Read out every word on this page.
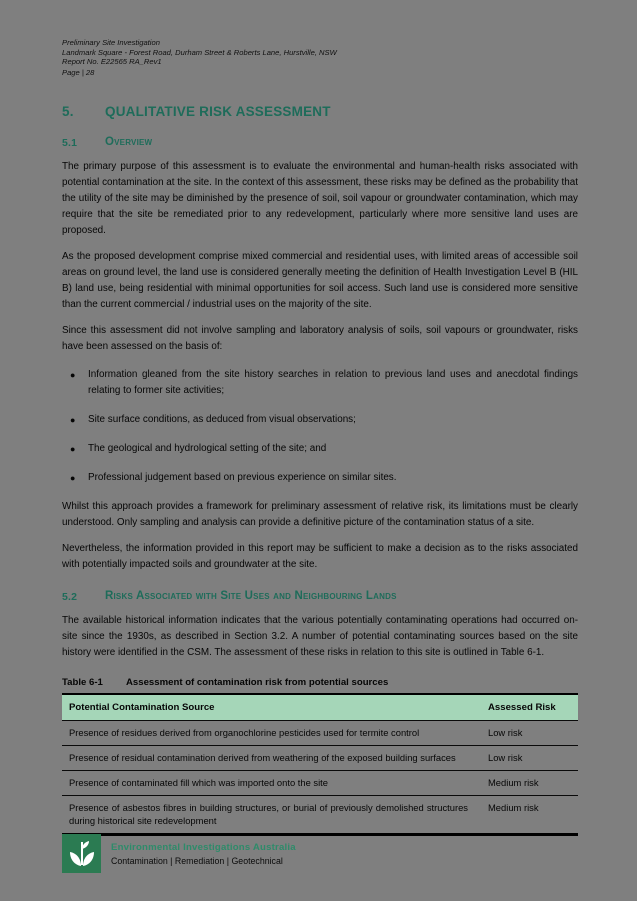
Preliminary Site Investigation
Landmark Square - Forest Road, Durham Street & Roberts Lane, Hurstville, NSW
Report No. E22565 RA_Rev1
Page | 28
5.	QUALITATIVE RISK ASSESSMENT
5.1	Overview

The primary purpose of this assessment is to evaluate the environmental and human-health risks associated with potential contamination at the site. In the context of this assessment, these risks may be defined as the probability that the utility of the site may be diminished by the presence of soil, soil vapour or groundwater contamination, which may require that the site be remediated prior to any redevelopment, particularly where more sensitive land uses are proposed.

As the proposed development comprise mixed commercial and residential uses, with limited areas of accessible soil areas on ground level, the land use is considered generally meeting the definition of Health Investigation Level B (HIL B) land use, being residential with minimal opportunities for soil access. Such land use is considered more sensitive than the current commercial / industrial uses on the majority of the site.

Since this assessment did not involve sampling and laboratory analysis of soils, soil vapours or groundwater, risks have been assessed on the basis of:

● Information gleaned from the site history searches in relation to previous land uses and anecdotal findings relating to former site activities;
● Site surface conditions, as deduced from visual observations;
● The geological and hydrological setting of the site; and
● Professional judgement based on previous experience on similar sites.

Whilst this approach provides a framework for preliminary assessment of relative risk, its limitations must be clearly understood. Only sampling and analysis can provide a definitive picture of the contamination status of a site.

Nevertheless, the information provided in this report may be sufficient to make a decision as to the risks associated with potentially impacted soils and groundwater at the site.

5.2	Risks Associated with Site Uses and Neighbouring Lands

The available historical information indicates that the various potentially contaminating operations had occurred on-site since the 1930s, as described in Section 3.2. A number of potential contaminating sources based on the site history were identified in the CSM. The assessment of these risks in relation to this site is outlined in Table 6-1.

Table 6-1	Assessment of contamination risk from potential sources
Potential Contamination Source	Assessed Risk
Presence of residues derived from organochlorine pesticides used for termite control	Low risk
Presence of residual contamination derived from weathering of the exposed building surfaces	Low risk
Presence of contaminated fill which was imported onto the site	Medium risk
Presence of asbestos fibres in building structures, or burial of previously demolished structures during historical site redevelopment	Medium risk
Environmental Investigations Australia
Contamination | Remediation | Geotechnical
